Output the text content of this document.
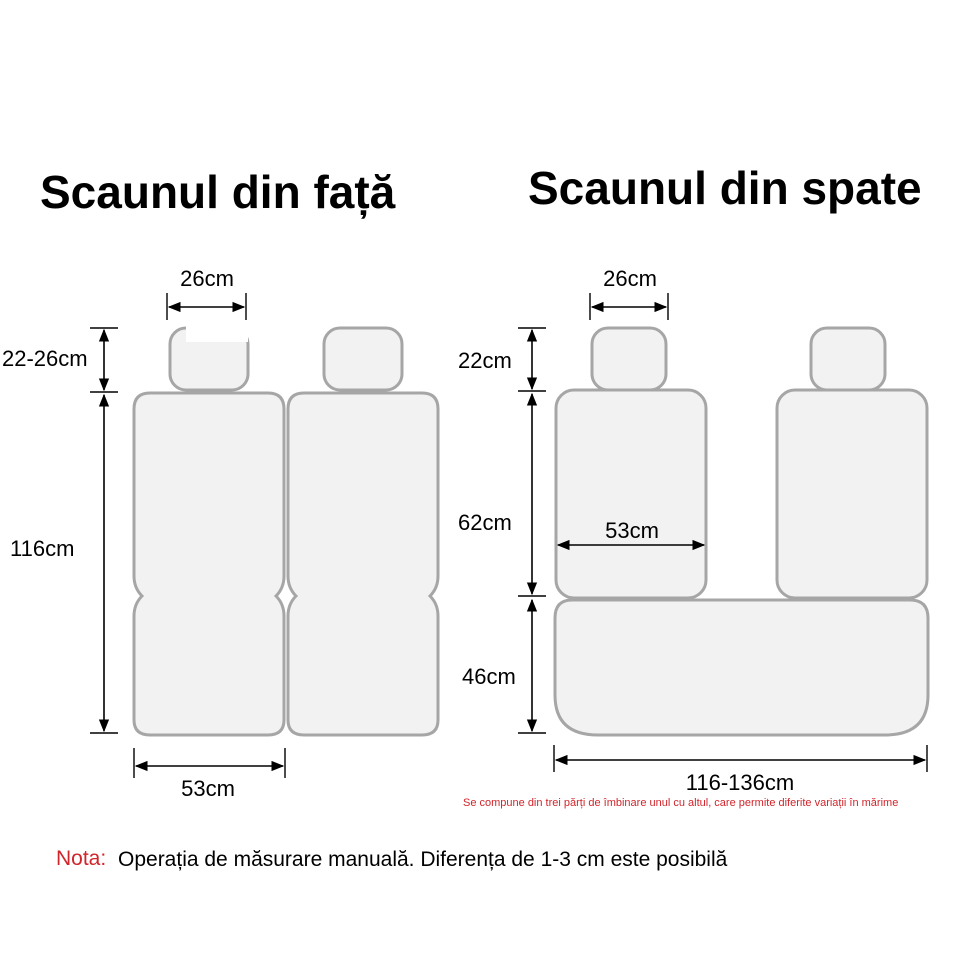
Scaunul din față	Scaunul din spate
26cm
22-26cm
116cm
53cm
26cm
22cm
62cm	53cm
46cm
116-136cm
Se compune din trei părți de îmbinare unul cu altul, care permite diferite variații în mărime
Nota: Operația de măsurare manuală. Diferența de 1-3 cm este posibilă
